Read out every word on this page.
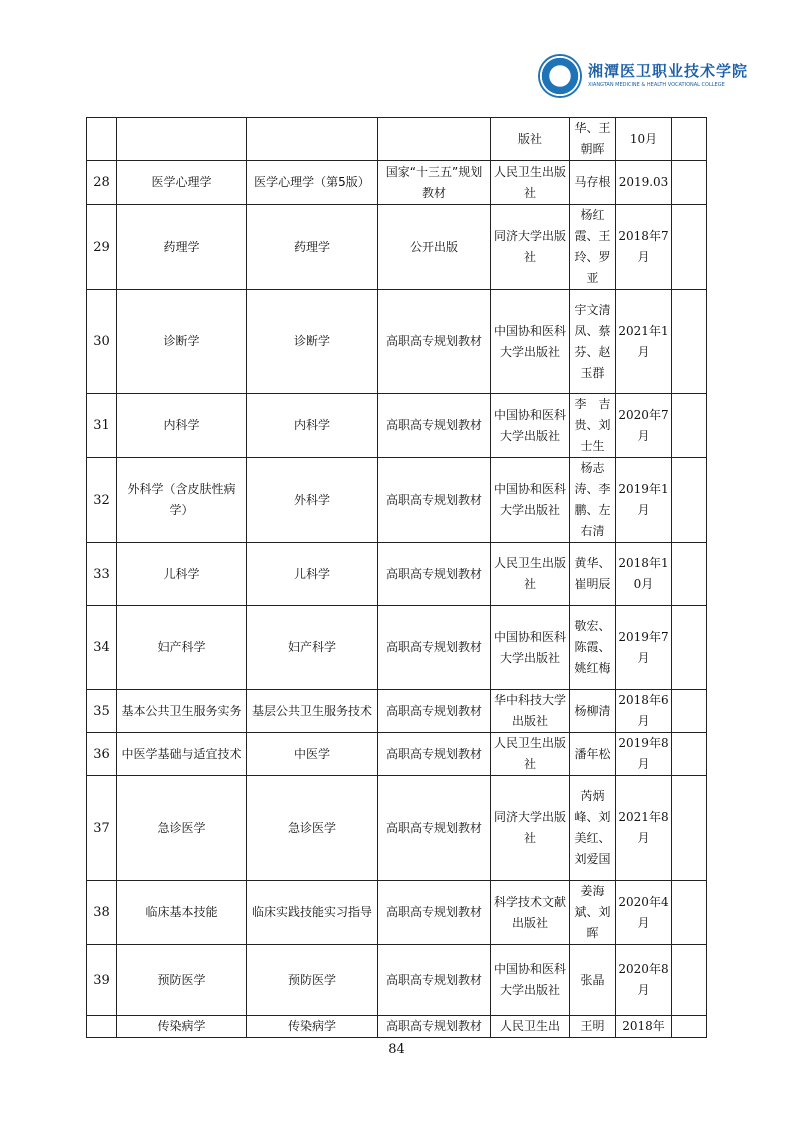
湘潭医卫职业技术学院
XIANGTAN MEDICINE & HEALTH VOCATIONAL COLLEGE

				版社	华、王朝晖	10月	

28	医学心理学	医学心理学（第5版）	国家“十三五”规划教材	人民卫生出版社	马存根	2019.03	

29	药理学	药理学	公开出版	同济大学出版社	杨红霞、王玲、罗亚	2018年7月	

30	诊断学	诊断学	高职高专规划教材	中国协和医科大学出版社	宇文清凤、蔡芬、赵玉群	2021年1月	

31	内科学	内科学	高职高专规划教材	中国协和医科大学出版社	李　吉贵、刘士生	2020年7月	

32	外科学（含皮肤性病学）	外科学	高职高专规划教材	中国协和医科大学出版社	杨志涛、李鹏、左右清	2019年1月	

33	儿科学	儿科学	高职高专规划教材	人民卫生出版社	黄华、崔明辰	2018年10月	

34	妇产科学	妇产科学	高职高专规划教材	中国协和医科大学出版社	敬宏、陈霞、姚红梅	2019年7月	

35	基本公共卫生服务实务	基层公共卫生服务技术	高职高专规划教材	华中科技大学出版社	杨柳清	2018年6月	

36	中医学基础与适宜技术	中医学	高职高专规划教材	人民卫生出版社	潘年松	2019年8月	

37	急诊医学	急诊医学	高职高专规划教材	同济大学出版社	芮炳峰、刘美红、刘爱国	2021年8月	

38	临床基本技能	临床实践技能实习指导	高职高专规划教材	科学技术文献出版社	姜海斌、刘晖	2020年4月	

39	预防医学	预防医学	高职高专规划教材	中国协和医科大学出版社	张晶	2020年8月	

	传染病学	传染病学	高职高专规划教材	人民卫生出	王明	2018年	

84
